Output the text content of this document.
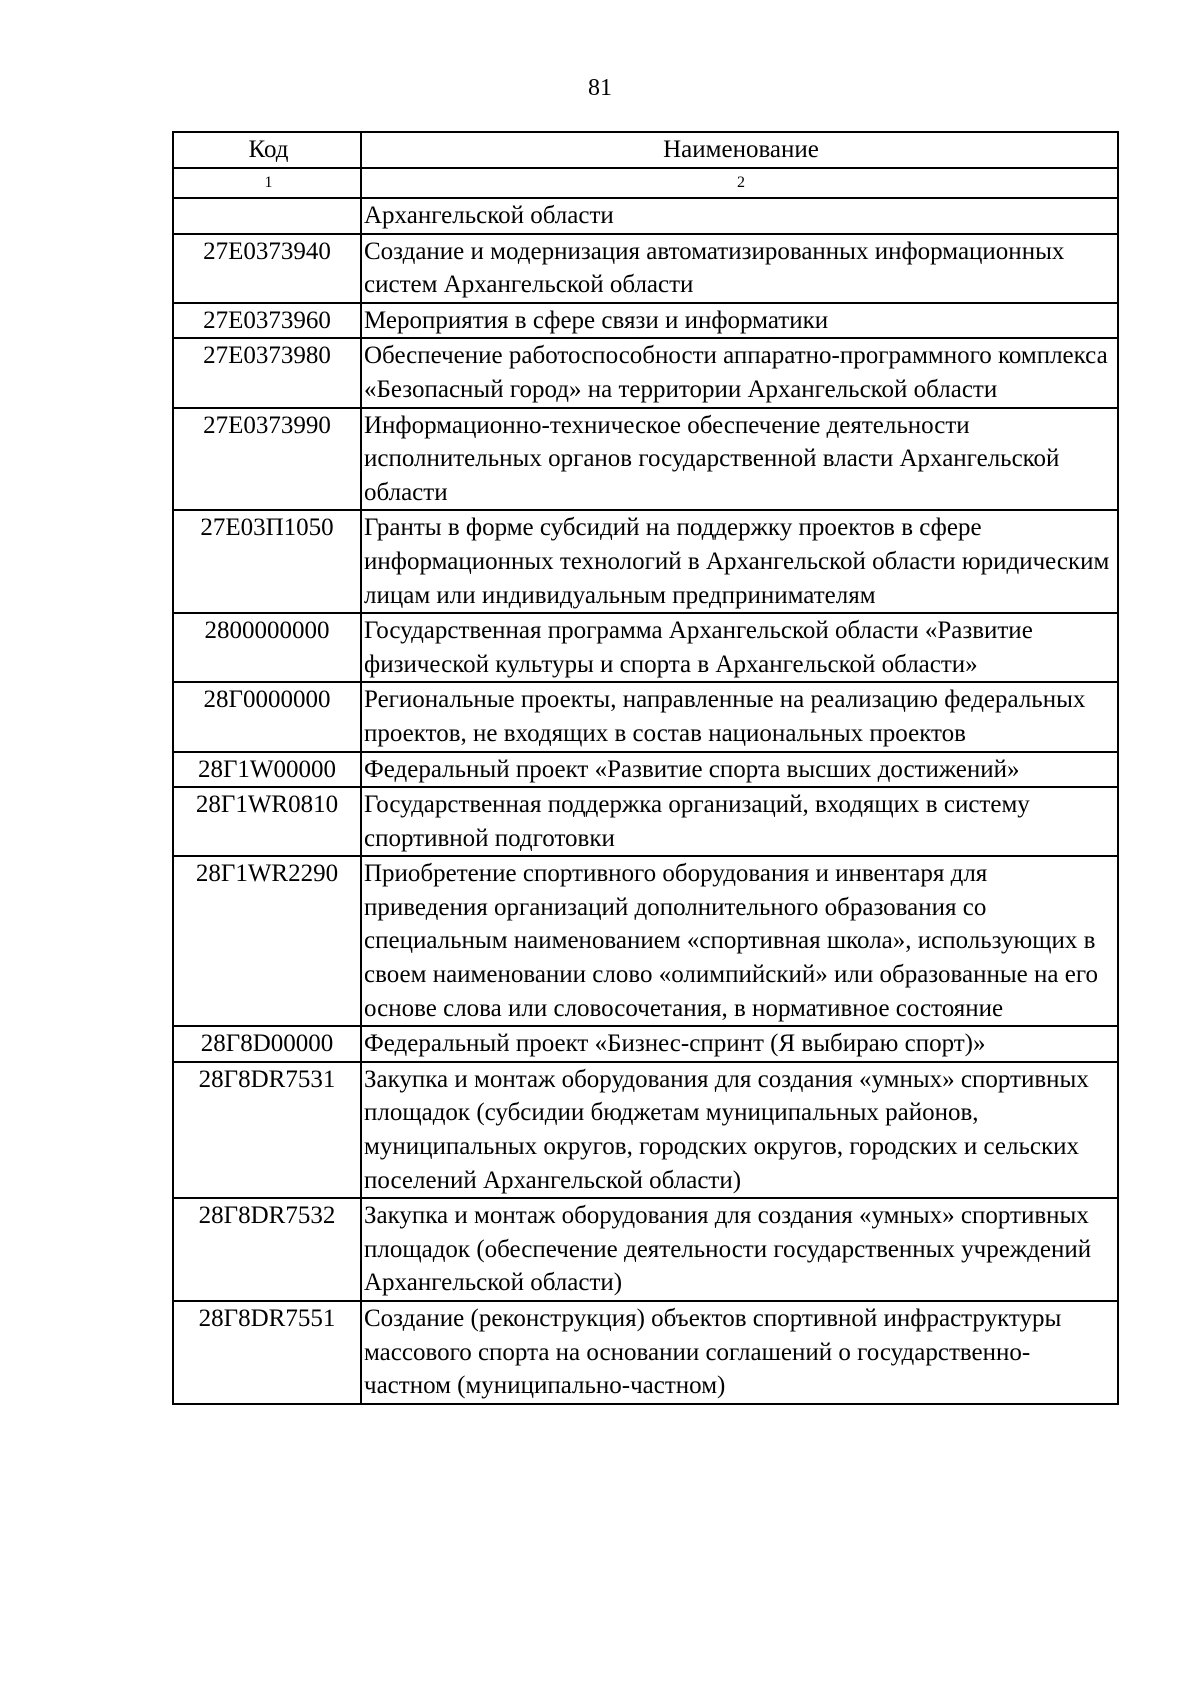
81
Код	Наименование
1	2
	Архангельской области
27Е0373940	Создание и модернизация автоматизированных информационных систем Архангельской области
27Е0373960	Мероприятия в сфере связи и информатики
27Е0373980	Обеспечение работоспособности аппаратно-программного комплекса «Безопасный город» на территории Архангельской области
27Е0373990	Информационно-техническое обеспечение деятельности исполнительных органов государственной власти Архангельской области
27Е03П1050	Гранты в форме субсидий на поддержку проектов в сфере информационных технологий в Архангельской области юридическим лицам или индивидуальным предпринимателям
2800000000	Государственная программа Архангельской области «Развитие физической культуры и спорта в Архангельской области»
28Г0000000	Региональные проекты, направленные на реализацию федеральных проектов, не входящих в состав национальных проектов
28Г1W00000	Федеральный проект «Развитие спорта высших достижений»
28Г1WR0810	Государственная поддержка организаций, входящих в систему спортивной подготовки
28Г1WR2290	Приобретение спортивного оборудования и инвентаря для приведения организаций дополнительного образования со специальным наименованием «спортивная школа», использующих в своем наименовании слово «олимпийский» или образованные на его основе слова или словосочетания, в нормативное состояние
28Г8D00000	Федеральный проект «Бизнес-спринт (Я выбираю спорт)»
28Г8DR7531	Закупка и монтаж оборудования для создания «умных» спортивных площадок (субсидии бюджетам муниципальных районов, муниципальных округов, городских округов, городских и сельских поселений Архангельской области)
28Г8DR7532	Закупка и монтаж оборудования для создания «умных» спортивных площадок (обеспечение деятельности государственных учреждений Архангельской области)
28Г8DR7551	Создание (реконструкция) объектов спортивной инфраструктуры массового спорта на основании соглашений о государственно-частном (муниципально-частном)
